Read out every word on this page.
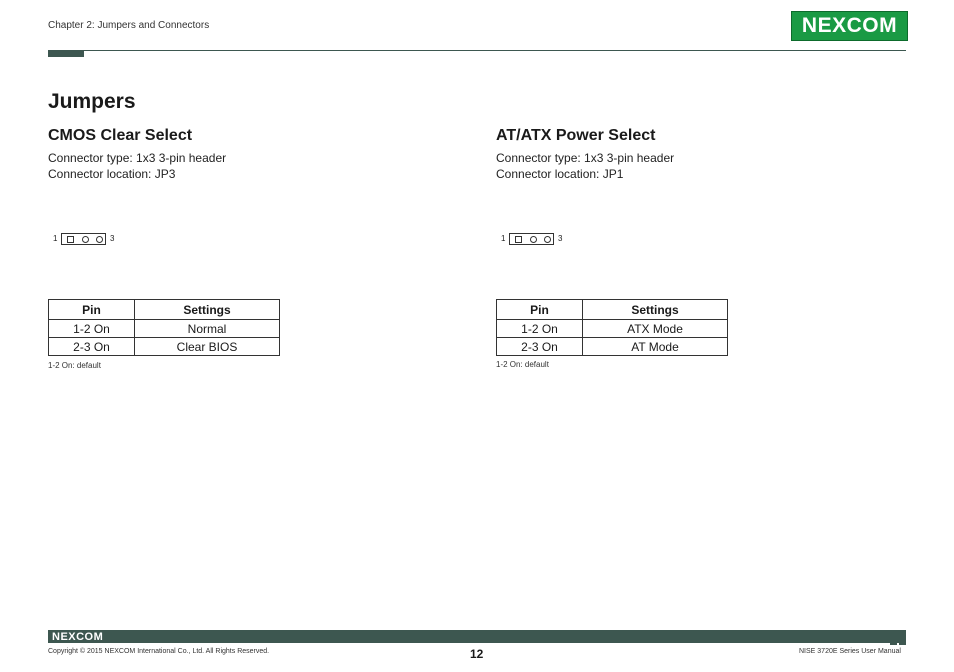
Chapter 2: Jumpers and Connectors	NEXCOM
Jumpers
CMOS Clear Select
Connector type: 1x3 3-pin header
Connector location: JP3
1	3
Pin	Settings
1-2 On	Normal
2-3 On	Clear BIOS
1-2 On: default
AT/ATX Power Select
Connector type: 1x3 3-pin header
Connector location: JP1
1	3
Pin	Settings
1-2 On	ATX Mode
2-3 On	AT Mode
1-2 On: default
NEXCOM
Copyright © 2015 NEXCOM International Co., Ltd. All Rights Reserved.	12	NISE 3720E Series User Manual
